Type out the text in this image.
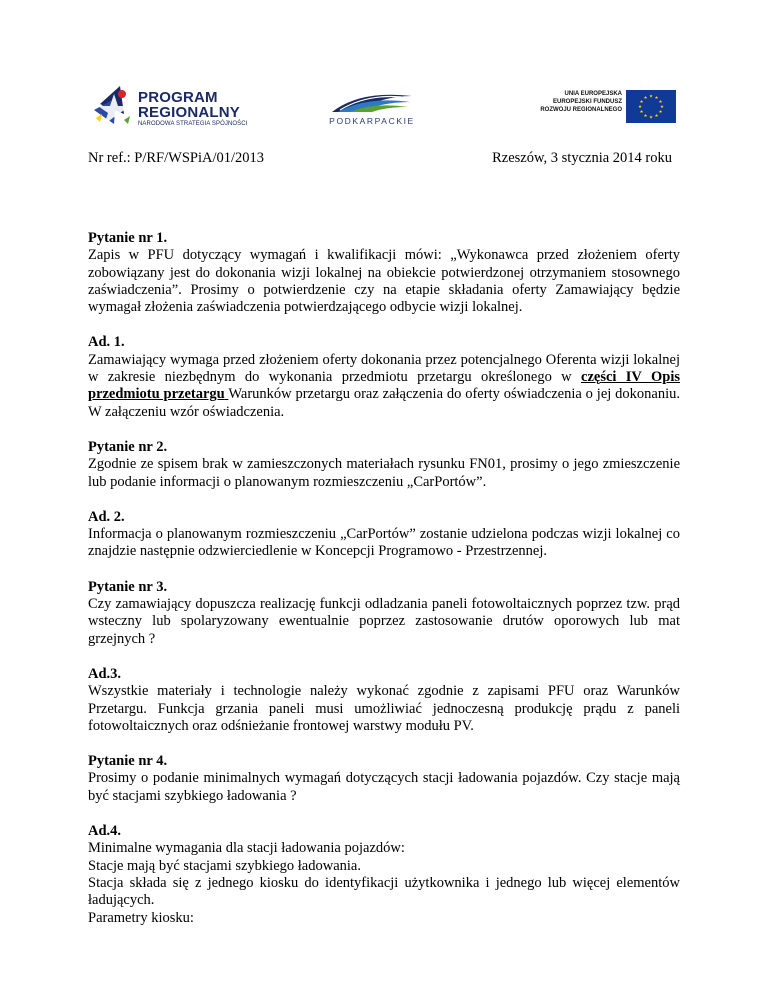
PROGRAM
REGIONALNY
NARODOWA STRATEGIA SPÓJNOŚCI	PODKARPACKIE
UNIA EUROPEJSKA
EUROPEJSKI FUNDUSZ
ROZWOJU REGIONALNEGO
★ ★
★
★
★
★
★
★
★
★
★
★
Nr ref.: P/RF/WSPiA/01/2013	Rzeszów, 3 stycznia 2014 roku
Pytanie nr 1.
Zapis w PFU dotyczący wymagań i kwalifikacji mówi: „Wykonawca przed złożeniem oferty zobowiązany jest do dokonania wizji lokalnej na obiekcie potwierdzonej otrzymaniem stosownego zaświadczenia”. Prosimy o potwierdzenie czy na etapie składania oferty Zamawiający będzie wymagał złożenia zaświadczenia potwierdzającego odbycie wizji lokalnej.
Ad. 1.
Zamawiający wymaga przed złożeniem oferty dokonania przez potencjalnego Oferenta wizji lokalnej w zakresie niezbędnym do wykonania przedmiotu przetargu określonego w części IV Opis przedmiotu przetargu Warunków przetargu oraz załączenia do oferty oświadczenia o jej dokonaniu. W załączeniu wzór oświadczenia.
Pytanie nr 2.
Zgodnie ze spisem brak w zamieszczonych materiałach rysunku FN01, prosimy o jego zmieszczenie lub podanie informacji o planowanym rozmieszczeniu „CarPortów”.
Ad. 2.
Informacja o planowanym rozmieszczeniu „CarPortów” zostanie udzielona podczas wizji lokalnej co znajdzie następnie odzwierciedlenie w Koncepcji Programowo - Przestrzennej.
Pytanie nr 3.
Czy zamawiający dopuszcza realizację funkcji odladzania paneli fotowoltaicznych poprzez tzw. prąd wsteczny lub spolaryzowany ewentualnie poprzez zastosowanie drutów oporowych lub mat grzejnych ?
Ad.3.
Wszystkie materiały i technologie należy wykonać zgodnie z zapisami PFU oraz Warunków Przetargu. Funkcja grzania paneli musi umożliwiać jednoczesną produkcję prądu z paneli fotowoltaicznych oraz odśnieżanie frontowej warstwy modułu PV.
Pytanie nr 4.
Prosimy o podanie minimalnych wymagań dotyczących stacji ładowania pojazdów. Czy stacje mają być stacjami szybkiego ładowania ?
Ad.4.
Minimalne wymagania dla stacji ładowania pojazdów:
Stacje mają być stacjami szybkiego ładowania.
Stacja składa się z jednego kiosku do identyfikacji użytkownika i jednego lub więcej elementów ładujących.
Parametry kiosku:
